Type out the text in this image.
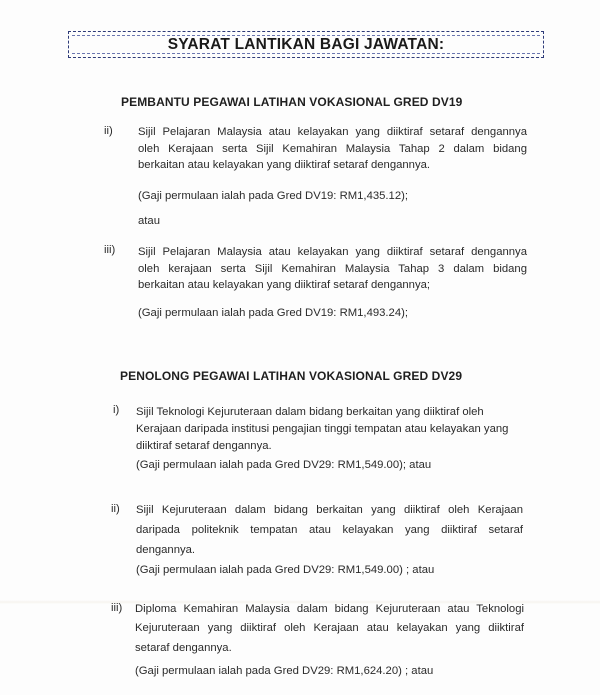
SYARAT LANTIKAN BAGI JAWATAN:
PEMBANTU PEGAWAI LATIHAN VOKASIONAL GRED DV19
ii) Sijil Pelajaran Malaysia atau kelayakan yang diiktiraf setaraf dengannya
oleh Kerajaan serta Sijil Kemahiran Malaysia Tahap 2 dalam bidang
berkaitan atau kelayakan yang diiktiraf setaraf dengannya.
(Gaji permulaan ialah pada Gred DV19: RM1,435.12);
atau
iii) Sijil Pelajaran Malaysia atau kelayakan yang diiktiraf setaraf dengannya
oleh kerajaan serta Sijil Kemahiran Malaysia Tahap 3 dalam bidang
berkaitan atau kelayakan yang diiktiraf setaraf dengannya;
(Gaji permulaan ialah pada Gred DV19: RM1,493.24);
PENOLONG PEGAWAI LATIHAN VOKASIONAL GRED DV29
i) Sijil Teknologi Kejuruteraan dalam bidang berkaitan yang diiktiraf oleh
Kerajaan daripada institusi pengajian tinggi tempatan atau kelayakan yang
diiktiraf setaraf dengannya.
(Gaji permulaan ialah pada Gred DV29: RM1,549.00); atau
ii) Sijil Kejuruteraan dalam bidang berkaitan yang diiktiraf oleh Kerajaan
daripada politeknik tempatan atau kelayakan yang diiktiraf setaraf
dengannya.
(Gaji permulaan ialah pada Gred DV29: RM1,549.00) ; atau
iii) Diploma Kemahiran Malaysia dalam bidang Kejuruteraan atau Teknologi
Kejuruteraan yang diiktiraf oleh Kerajaan atau kelayakan yang diiktiraf
setaraf dengannya.
(Gaji permulaan ialah pada Gred DV29: RM1,624.20) ; atau
